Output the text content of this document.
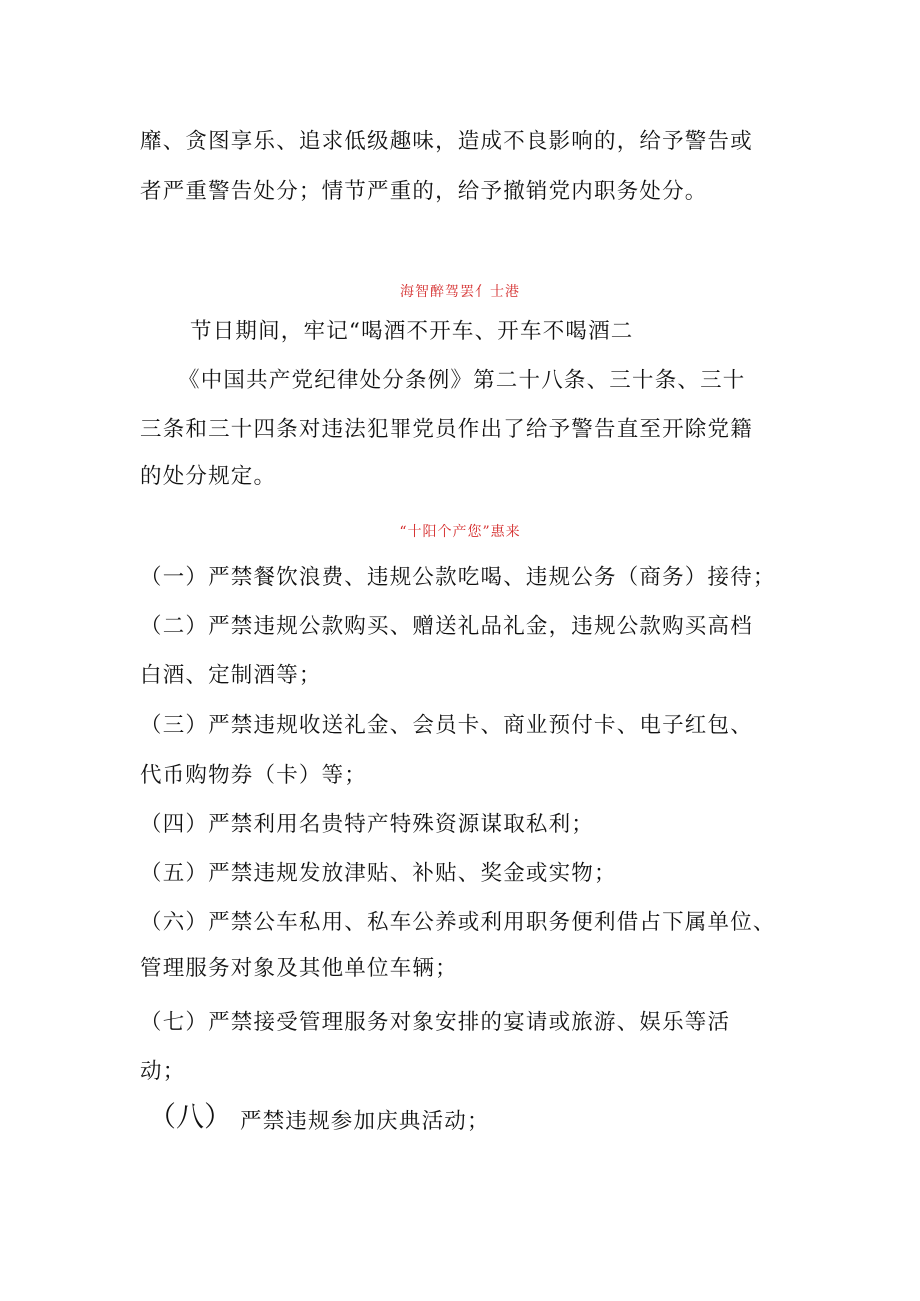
靡、贪图享乐、追求低级趣味，造成不良影响的，给予警告或
者严重警告处分；情节严重的，给予撤销党内职务处分。
海智醉驾罢亻士港
节日期间，牢记“喝酒不开车、开车不喝酒二
《中国共产党纪律处分条例》第二十八条、三十条、三十
三条和三十四条对违法犯罪党员作出了给予警告直至开除党籍
的处分规定。
“十阳个产您”惠来
（一）严禁餐饮浪费、违规公款吃喝、违规公务（商务）接待；
（二）严禁违规公款购买、赠送礼品礼金，违规公款购买高档
白酒、定制酒等；
（三）严禁违规收送礼金、会员卡、商业预付卡、电子红包、
代币购物券（卡）等；
（四）严禁利用名贵特产特殊资源谋取私利；
（五）严禁违规发放津贴、补贴、奖金或实物；
（六）严禁公车私用、私车公养或利用职务便利借占下属单位、
管理服务对象及其他单位车辆；
（七）严禁接受管理服务对象安排的宴请或旅游、娱乐等活
动；
（八） 严禁违规参加庆典活动；
